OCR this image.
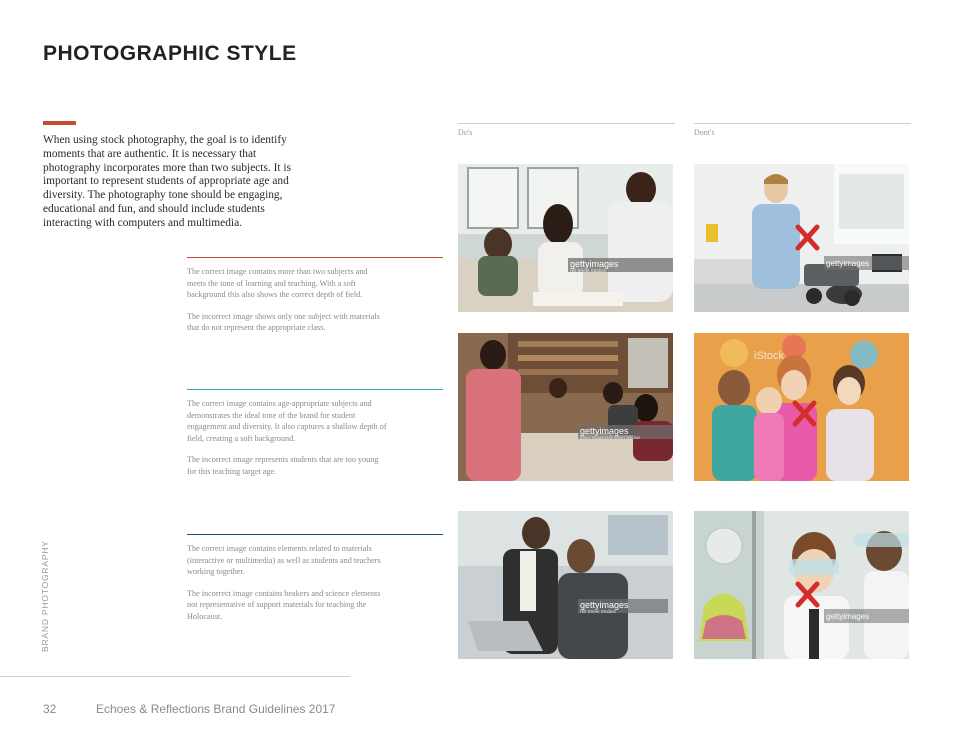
PHOTOGRAPHIC STYLE

When using stock photography, the goal is to identify moments that are authentic. It is necessary that photography incorporates more than two subjects. It is important to represent students of appropriate age and diversity. The photography tone should be engaging, educational and fun, and should include students interacting with computers and multimedia.

The correct image contains more than two subjects and meets the tone of learning and teaching. With a soft background this also shows the correct depth of field.

The incorrect image shows only one subject with materials that do not represent the appropriate class.

The correct image contains age-appropriate subjects and demonstrates the ideal tone of the brand for student engagement and diversity. It also captures a shallow depth of field, creating a soft background.

The incorrect image represents students that are too young for this teaching target age.

The correct image contains elements related to materials (interactive or multimedia) as well as students and teachers working together.

The incorrect image contains beakers and science elements not representative of support materials for teaching the Holocaust.

Do's	Dont's
gettyimages
Hill Street Studios
gettyimages
Blend Images/Hill Street Studios
gettyimages
Hill Street Studios
gettyimages
iStock
gettyimages
BRAND PHOTOGRAPHY
32	Echoes & Reflections Brand Guidelines 2017
